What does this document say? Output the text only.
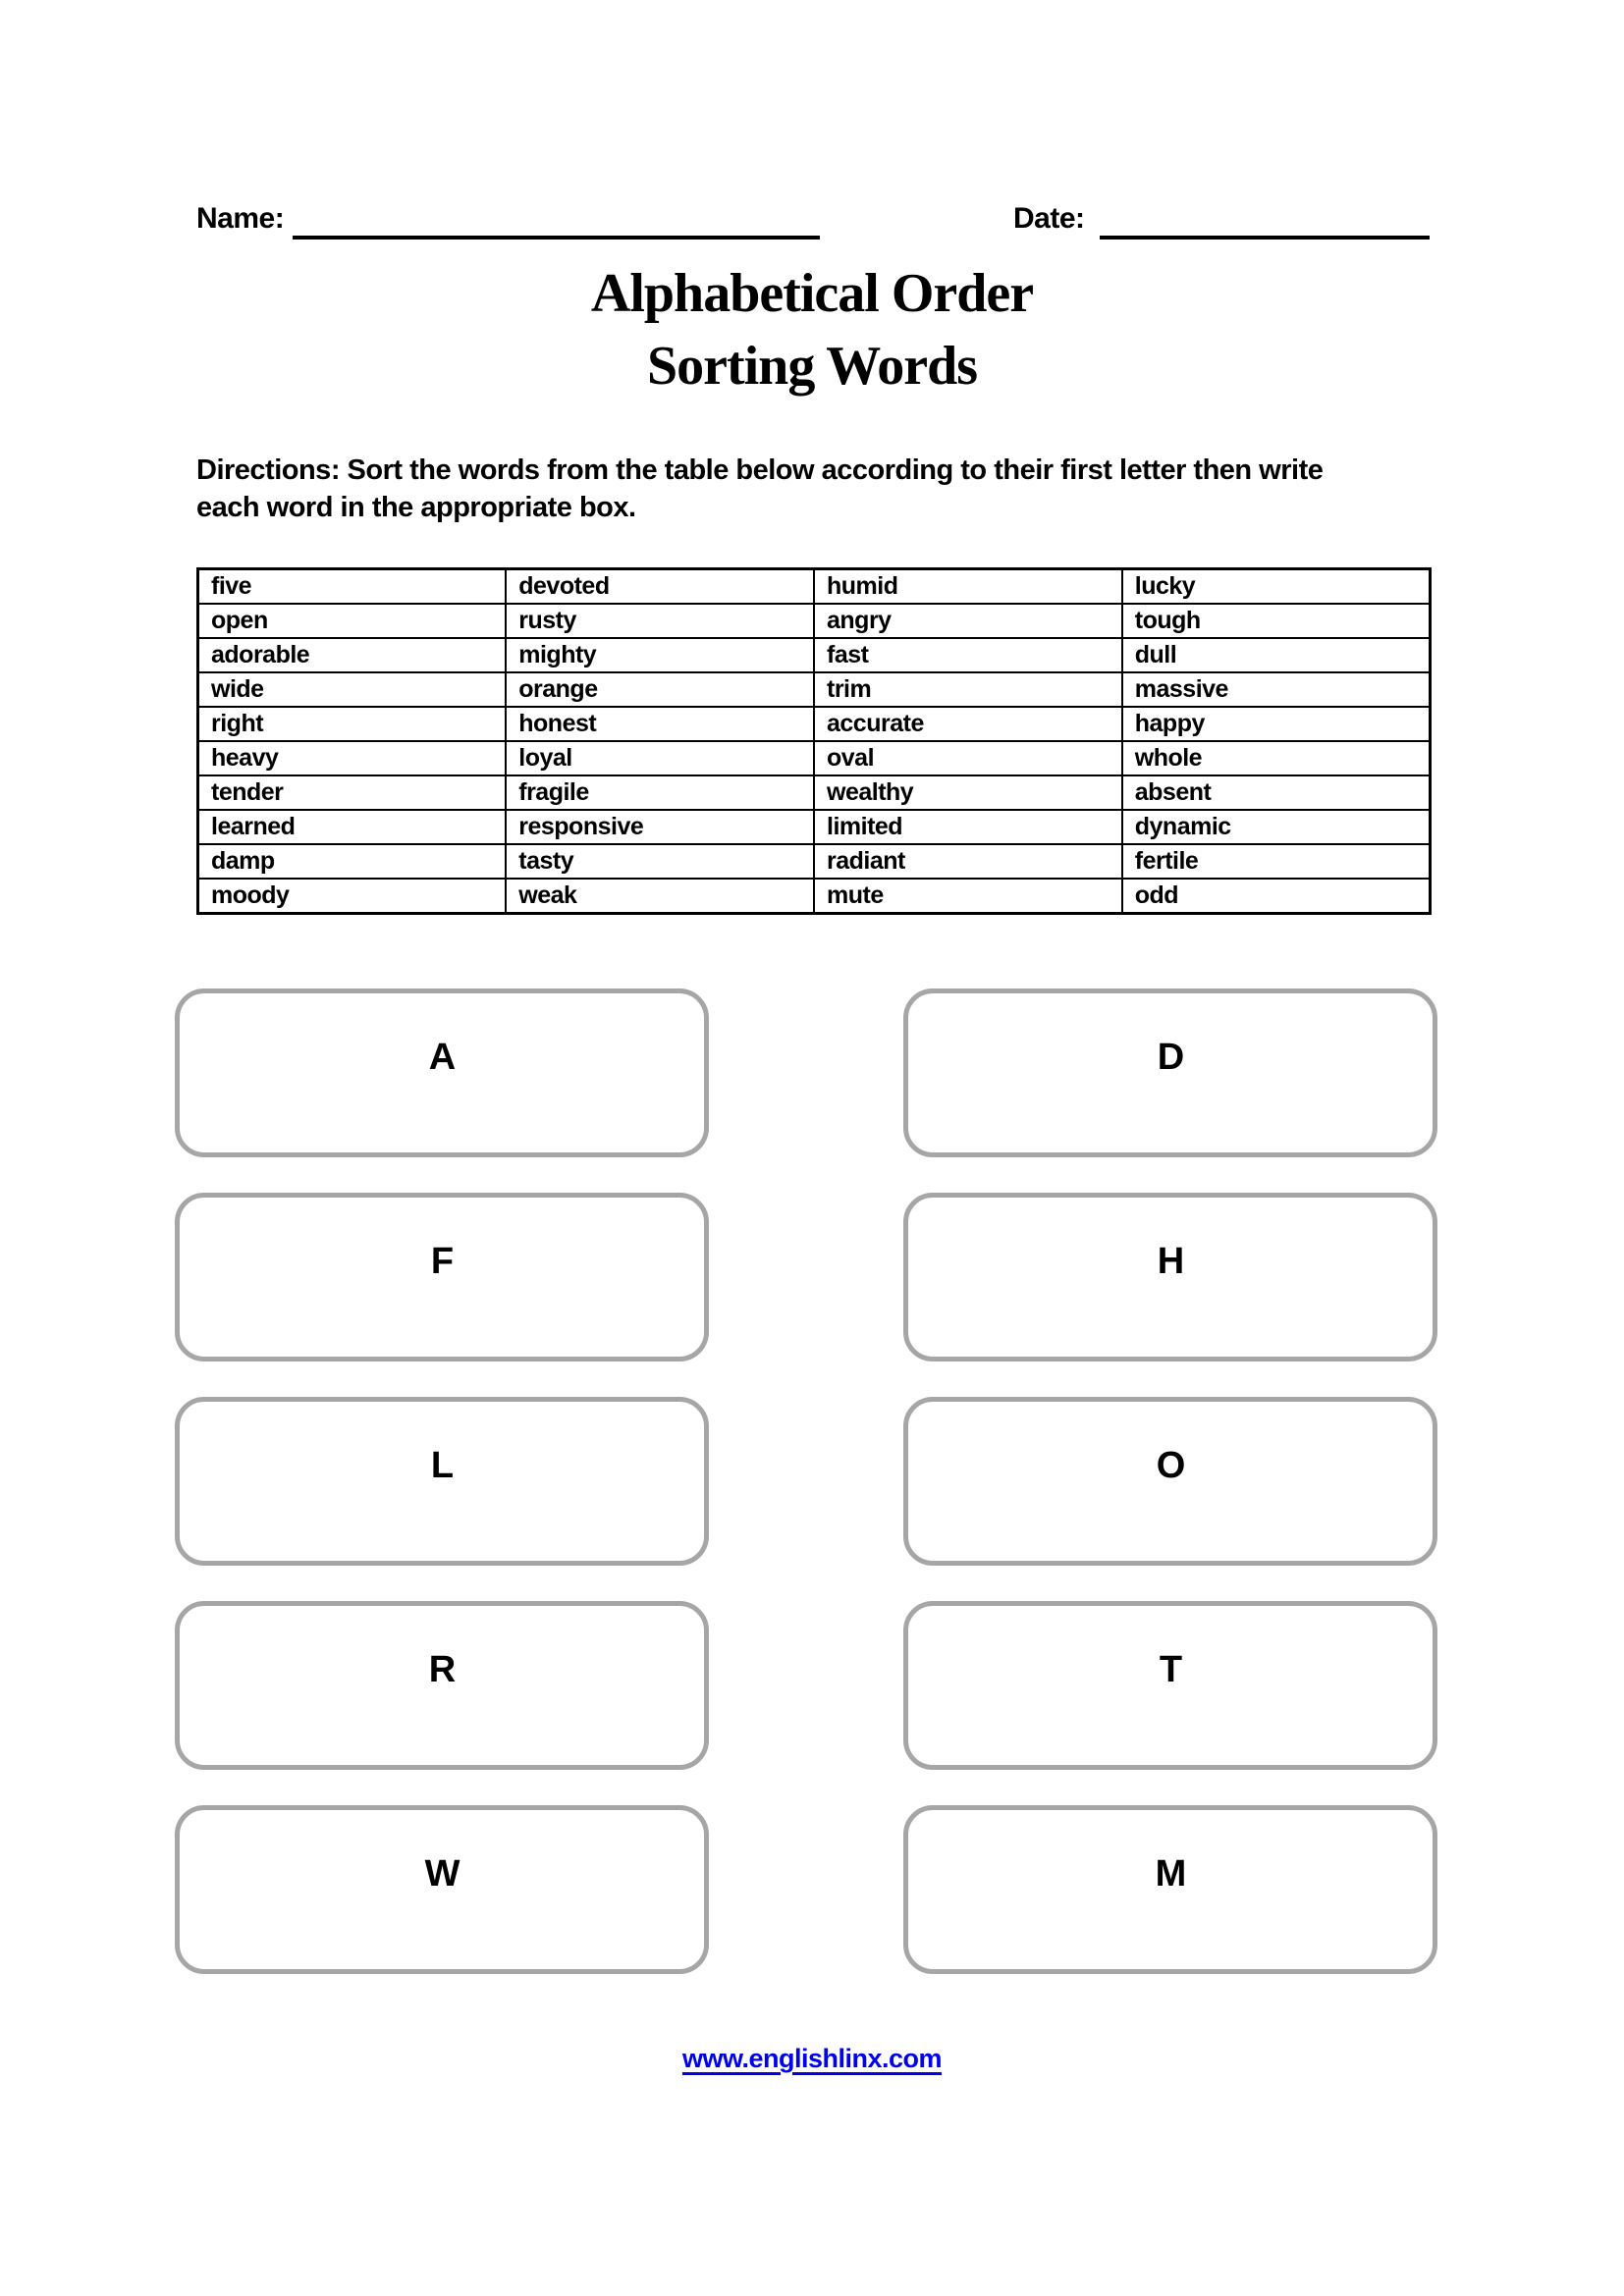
Name:	Date:
Alphabetical Order
Sorting Words
Directions: Sort the words from the table below according to their first letter then write each word in the appropriate box.
five	devoted	humid	lucky
open	rusty	angry	tough
adorable	mighty	fast	dull
wide	orange	trim	massive
right	honest	accurate	happy
heavy	loyal	oval	whole
tender	fragile	wealthy	absent
learned	responsive	limited	dynamic
damp	tasty	radiant	fertile
moody	weak	mute	odd
A	D
F	H
L	O
R	T
W	M
www.englishlinx.com
